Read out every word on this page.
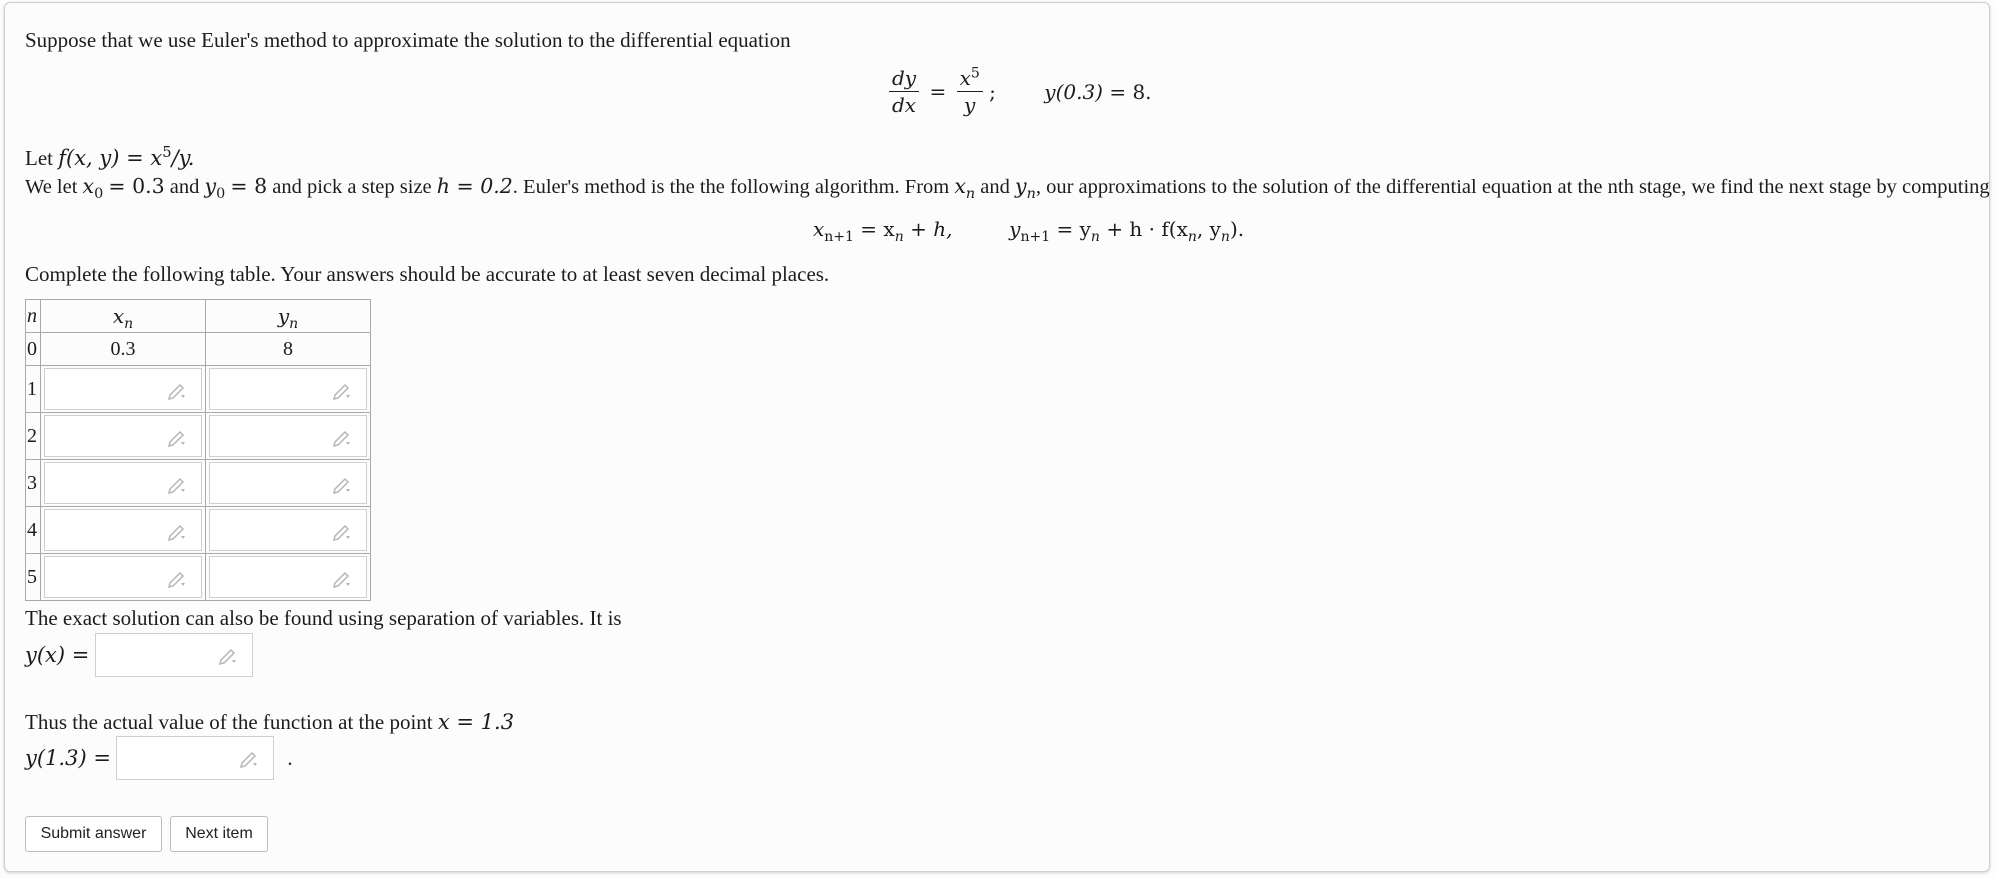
Suppose that we use Euler's method to approximate the solution to the differential equation
$\frac{dy}{dx} = \frac{x^5}{y}$ ; y(0.3) = 8.
Let f(x, $y) = x^5/y$.
We let $x_0 = 0.3$ and $y_0 = 8$ and pick a step size h = 0.2. Euler's method is the the following algorithm. From $x_n$ and $y_n$, our approximations to the solution of the differential equation at the nth stage, we find the next stage by computing
$x_{n+1} = x_n + h$,	$y_{n+1} = y_n + h \cdot f(x_n$, $y_n$).
Complete the following table. Your answers should be accurate to at least seven decimal places.
n	$x_n$	$y_n$
0	0.3	8
1	

2	

3	

4	

5	

The exact solution can also be found using separation of variables. It is
y(x) =
Thus the actual value of the function at the point x = 1.3
y(1.3) =	.
Submit answer	Next item
